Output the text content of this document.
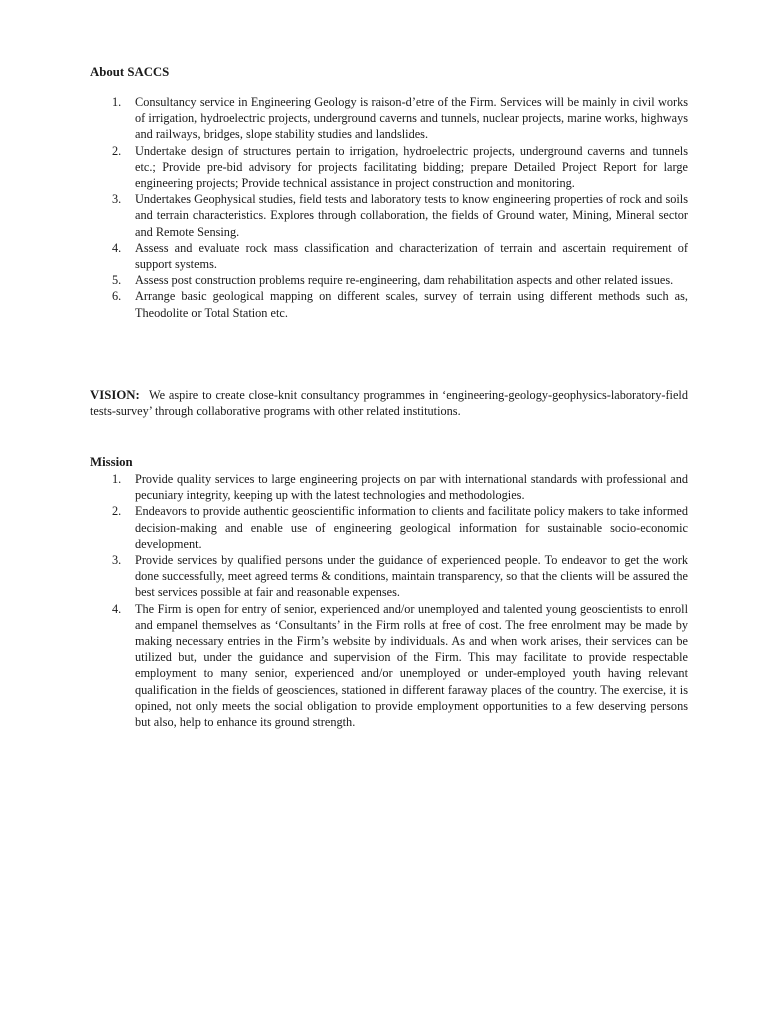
About SACCS
1. Consultancy service in Engineering Geology is raison-d’etre of the Firm. Services will be mainly in civil works of irrigation, hydroelectric projects, underground caverns and tunnels, nuclear projects, marine works, highways and railways, bridges, slope stability studies and landslides.
2. Undertake design of structures pertain to irrigation, hydroelectric projects, underground caverns and tunnels etc.; Provide pre-bid advisory for projects facilitating bidding; prepare Detailed Project Report for large engineering projects; Provide technical assistance in project construction and monitoring.
3. Undertakes Geophysical studies, field tests and laboratory tests to know engineering properties of rock and soils and terrain characteristics. Explores through collaboration, the fields of Ground water, Mining, Mineral sector and Remote Sensing.
4. Assess and evaluate rock mass classification and characterization of terrain and ascertain requirement of support systems.
5. Assess post construction problems require re-engineering, dam rehabilitation aspects and other related issues.
6. Arrange basic geological mapping on different scales, survey of terrain using different methods such as, Theodolite or Total Station etc.
VISION: We aspire to create close-knit consultancy programmes in ‘engineering-geology-geophysics-laboratory-field tests-survey’ through collaborative programs with other related institutions.
Mission
1. Provide quality services to large engineering projects on par with international standards with professional and pecuniary integrity, keeping up with the latest technologies and methodologies.
2. Endeavors to provide authentic geoscientific information to clients and facilitate policy makers to take informed decision-making and enable use of engineering geological information for sustainable socio-economic development.
3. Provide services by qualified persons under the guidance of experienced people. To endeavor to get the work done successfully, meet agreed terms & conditions, maintain transparency, so that the clients will be assured the best services possible at fair and reasonable expenses.
4. The Firm is open for entry of senior, experienced and/or unemployed and talented young geoscientists to enroll and empanel themselves as ‘Consultants’ in the Firm rolls at free of cost. The free enrolment may be made by making necessary entries in the Firm’s website by individuals. As and when work arises, their services can be utilized but, under the guidance and supervision of the Firm. This may facilitate to provide respectable employment to many senior, experienced and/or unemployed or under-employed youth having relevant qualification in the fields of geosciences, stationed in different faraway places of the country. The exercise, it is opined, not only meets the social obligation to provide employment opportunities to a few deserving persons but also, help to enhance its ground strength.
